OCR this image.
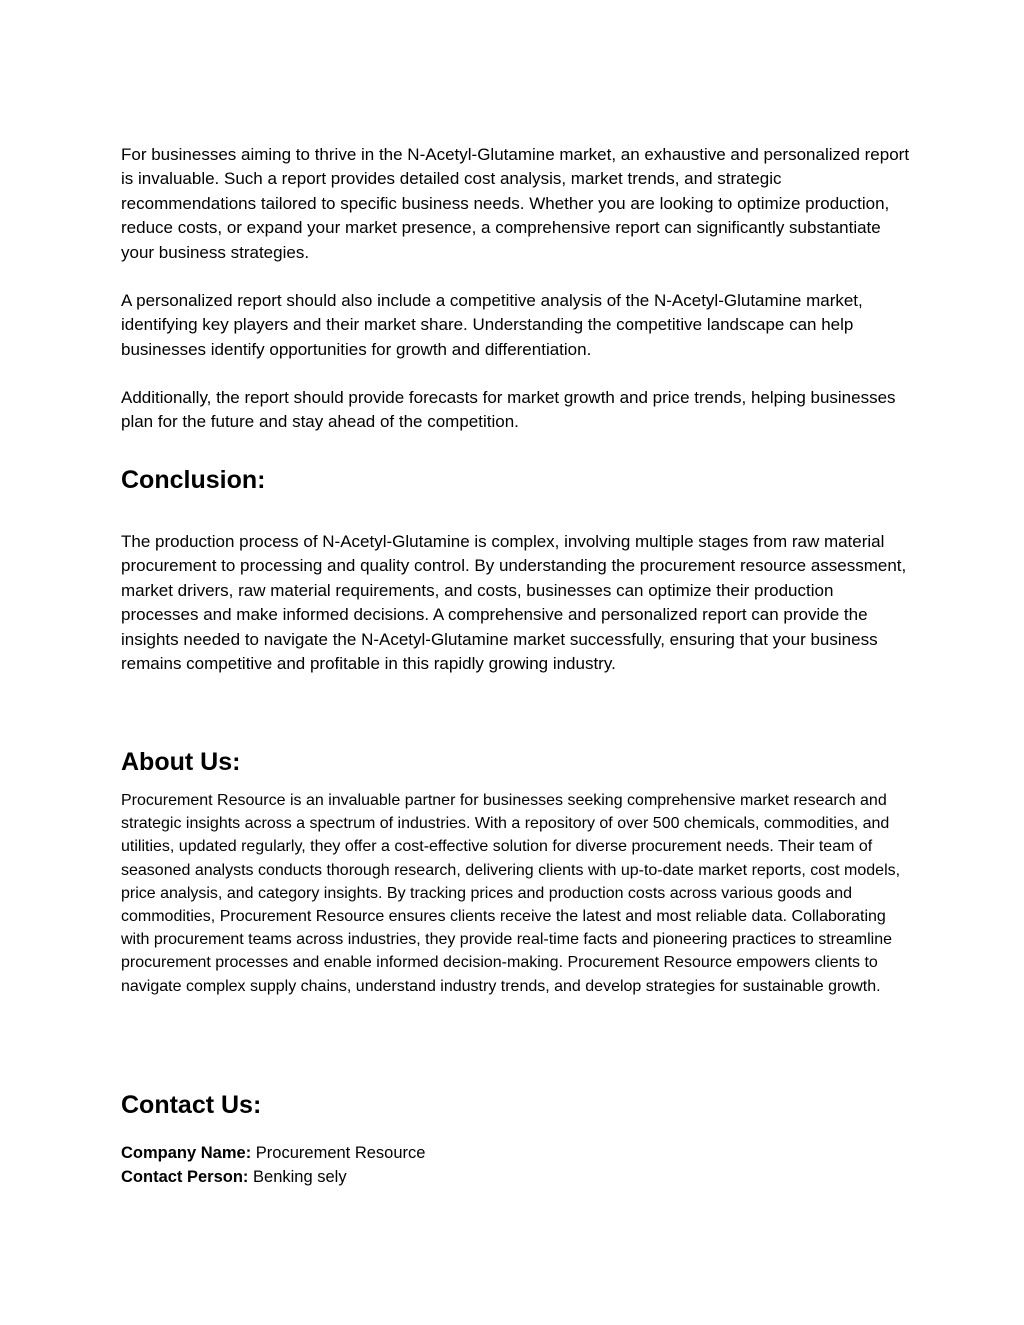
For businesses aiming to thrive in the N-Acetyl-Glutamine market, an exhaustive and personalized report is invaluable. Such a report provides detailed cost analysis, market trends, and strategic recommendations tailored to specific business needs. Whether you are looking to optimize production, reduce costs, or expand your market presence, a comprehensive report can significantly substantiate your business strategies.

A personalized report should also include a competitive analysis of the N-Acetyl-Glutamine market, identifying key players and their market share. Understanding the competitive landscape can help businesses identify opportunities for growth and differentiation.

Additionally, the report should provide forecasts for market growth and price trends, helping businesses plan for the future and stay ahead of the competition.

Conclusion:

The production process of N-Acetyl-Glutamine is complex, involving multiple stages from raw material procurement to processing and quality control. By understanding the procurement resource assessment, market drivers, raw material requirements, and costs, businesses can optimize their production processes and make informed decisions. A comprehensive and personalized report can provide the insights needed to navigate the N-Acetyl-Glutamine market successfully, ensuring that your business remains competitive and profitable in this rapidly growing industry.

About Us:

Procurement Resource is an invaluable partner for businesses seeking comprehensive market research and strategic insights across a spectrum of industries. With a repository of over 500 chemicals, commodities, and utilities, updated regularly, they offer a cost-effective solution for diverse procurement needs. Their team of seasoned analysts conducts thorough research, delivering clients with up-to-date market reports, cost models, price analysis, and category insights. By tracking prices and production costs across various goods and commodities, Procurement Resource ensures clients receive the latest and most reliable data. Collaborating with procurement teams across industries, they provide real-time facts and pioneering practices to streamline procurement processes and enable informed decision-making. Procurement Resource empowers clients to navigate complex supply chains, understand industry trends, and develop strategies for sustainable growth.

Contact Us:
Company Name: Procurement Resource
Contact Person: Benking sely
